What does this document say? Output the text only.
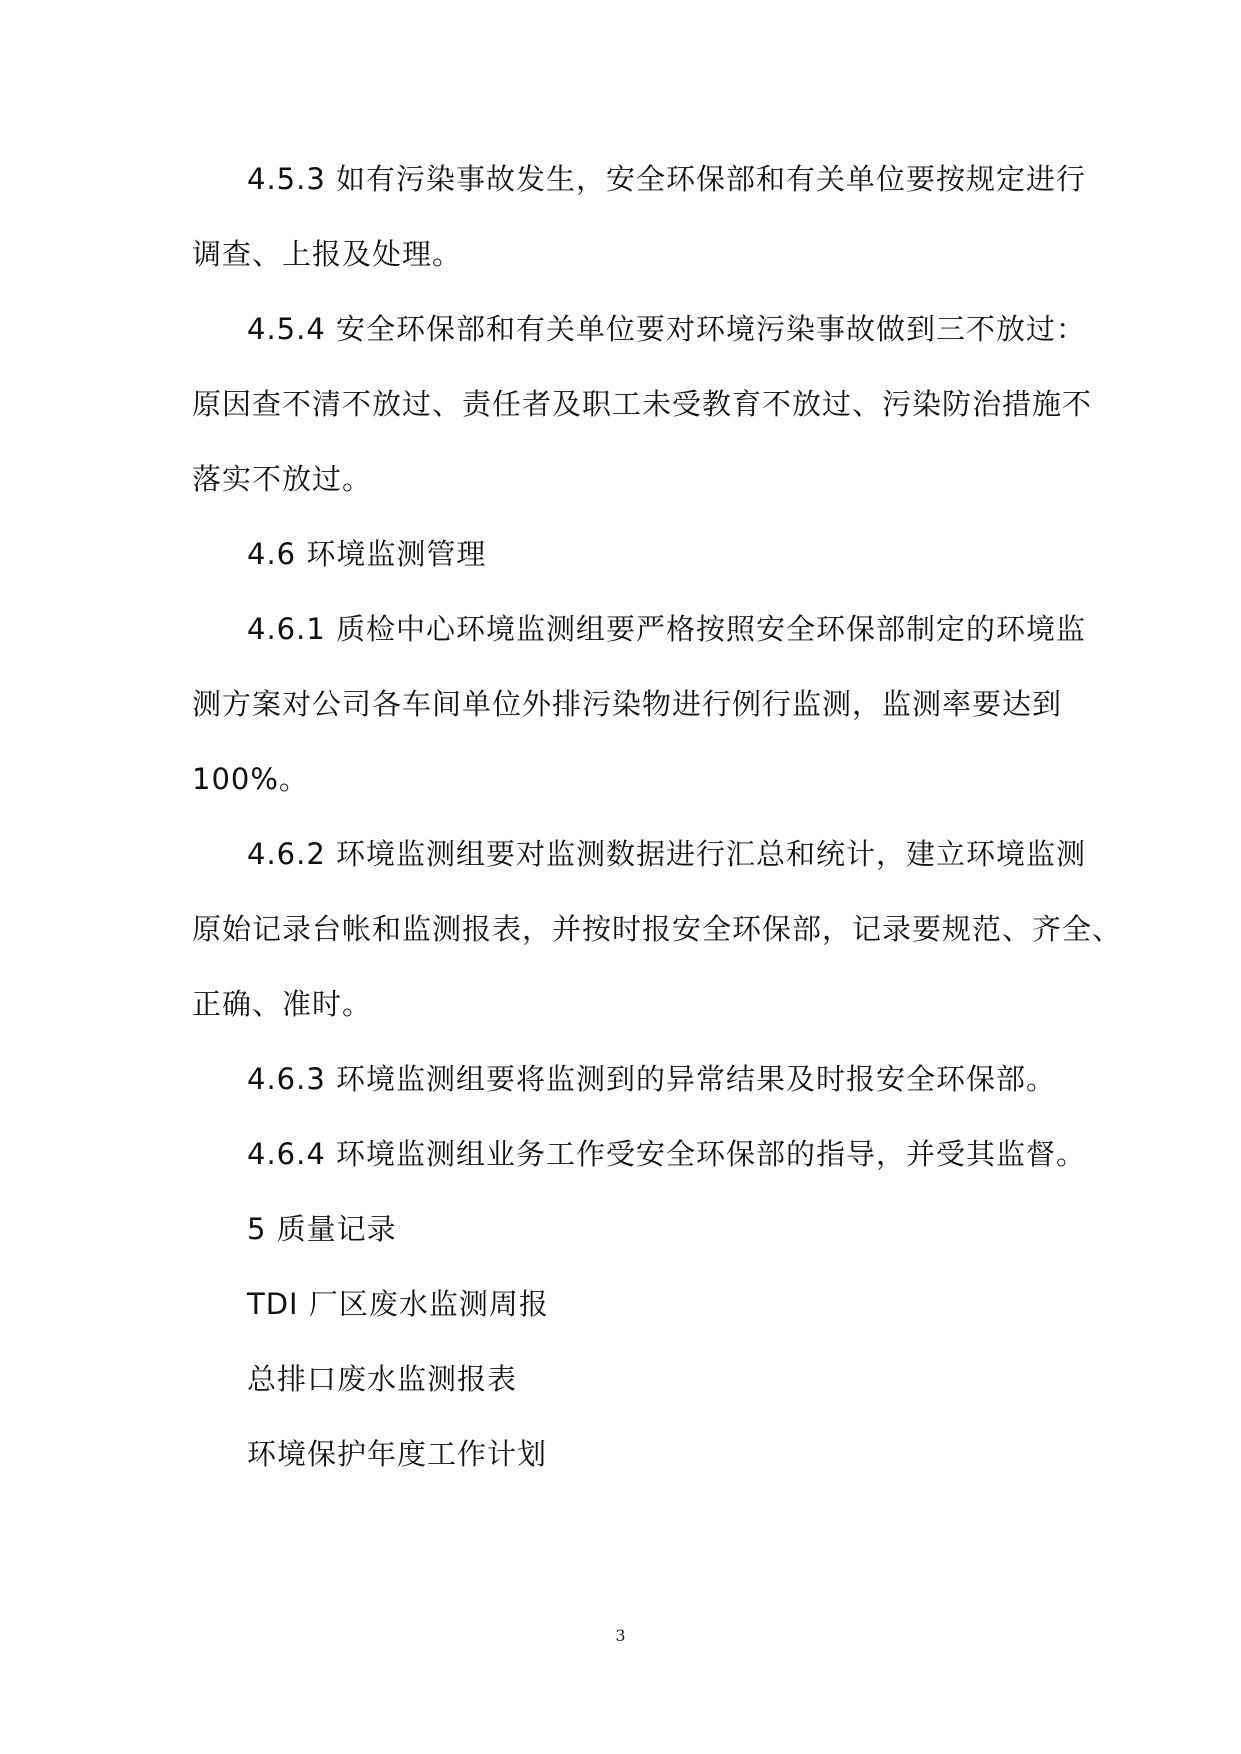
4.5.3 如有污染事故发生，安全环保部和有关单位要按规定进行
调查、上报及处理。

4.5.4 安全环保部和有关单位要对环境污染事故做到三不放过：
原因查不清不放过、责任者及职工未受教育不放过、污染防治措施不
落实不放过。

4.6 环境监测管理

4.6.1 质检中心环境监测组要严格按照安全环保部制定的环境监
测方案对公司各车间单位外排污染物进行例行监测，监测率要达到
100%。

4.6.2 环境监测组要对监测数据进行汇总和统计，建立环境监测
原始记录台帐和监测报表，并按时报安全环保部，记录要规范、齐全、
正确、准时。

4.6.3 环境监测组要将监测到的异常结果及时报安全环保部。

4.6.4 环境监测组业务工作受安全环保部的指导，并受其监督。

5 质量记录

TDI 厂区废水监测周报

总排口废水监测报表

环境保护年度工作计划

3
